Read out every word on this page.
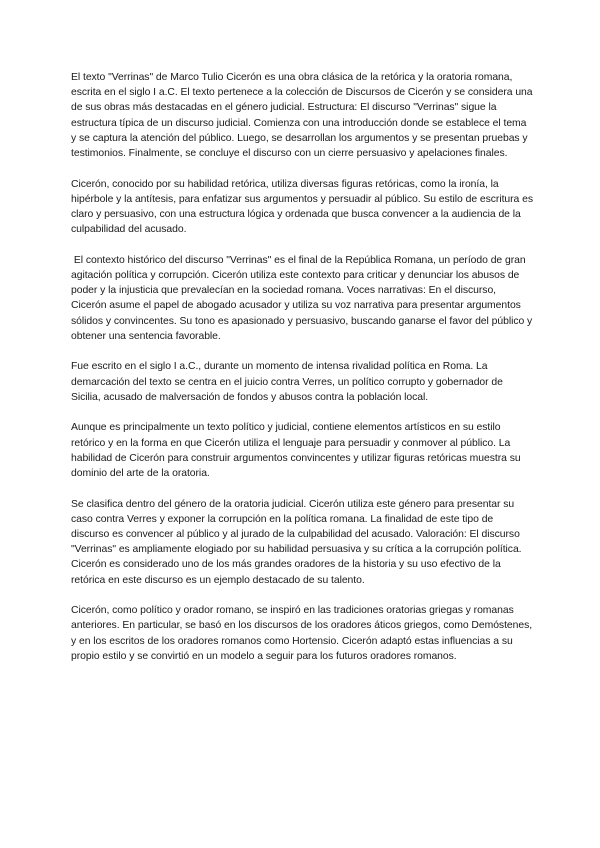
El texto "Verrinas" de Marco Tulio Cicerón es una obra clásica de la retórica y la oratoria romana, escrita en el siglo I a.C. El texto pertenece a la colección de Discursos de Cicerón y se considera una de sus obras más destacadas en el género judicial. Estructura: El discurso "Verrinas" sigue la estructura típica de un discurso judicial. Comienza con una introducción donde se establece el tema y se captura la atención del público. Luego, se desarrollan los argumentos y se presentan pruebas y testimonios. Finalmente, se concluye el discurso con un cierre persuasivo y apelaciones finales.

Cicerón, conocido por su habilidad retórica, utiliza diversas figuras retóricas, como la ironía, la hipérbole y la antítesis, para enfatizar sus argumentos y persuadir al público. Su estilo de escritura es claro y persuasivo, con una estructura lógica y ordenada que busca convencer a la audiencia de la culpabilidad del acusado.

El contexto histórico del discurso "Verrinas" es el final de la República Romana, un período de gran agitación política y corrupción. Cicerón utiliza este contexto para criticar y denunciar los abusos de poder y la injusticia que prevalecían en la sociedad romana. Voces narrativas: En el discurso, Cicerón asume el papel de abogado acusador y utiliza su voz narrativa para presentar argumentos sólidos y convincentes. Su tono es apasionado y persuasivo, buscando ganarse el favor del público y obtener una sentencia favorable.

Fue escrito en el siglo I a.C., durante un momento de intensa rivalidad política en Roma. La demarcación del texto se centra en el juicio contra Verres, un político corrupto y gobernador de Sicilia, acusado de malversación de fondos y abusos contra la población local.

Aunque es principalmente un texto político y judicial, contiene elementos artísticos en su estilo retórico y en la forma en que Cicerón utiliza el lenguaje para persuadir y conmover al público. La habilidad de Cicerón para construir argumentos convincentes y utilizar figuras retóricas muestra su dominio del arte de la oratoria.

Se clasifica dentro del género de la oratoria judicial. Cicerón utiliza este género para presentar su caso contra Verres y exponer la corrupción en la política romana. La finalidad de este tipo de discurso es convencer al público y al jurado de la culpabilidad del acusado. Valoración: El discurso "Verrinas" es ampliamente elogiado por su habilidad persuasiva y su crítica a la corrupción política. Cicerón es considerado uno de los más grandes oradores de la historia y su uso efectivo de la retórica en este discurso es un ejemplo destacado de su talento.

Cicerón, como político y orador romano, se inspiró en las tradiciones oratorias griegas y romanas anteriores. En particular, se basó en los discursos de los oradores áticos griegos, como Demóstenes, y en los escritos de los oradores romanos como Hortensio. Cicerón adaptó estas influencias a su propio estilo y se convirtió en un modelo a seguir para los futuros oradores romanos.
